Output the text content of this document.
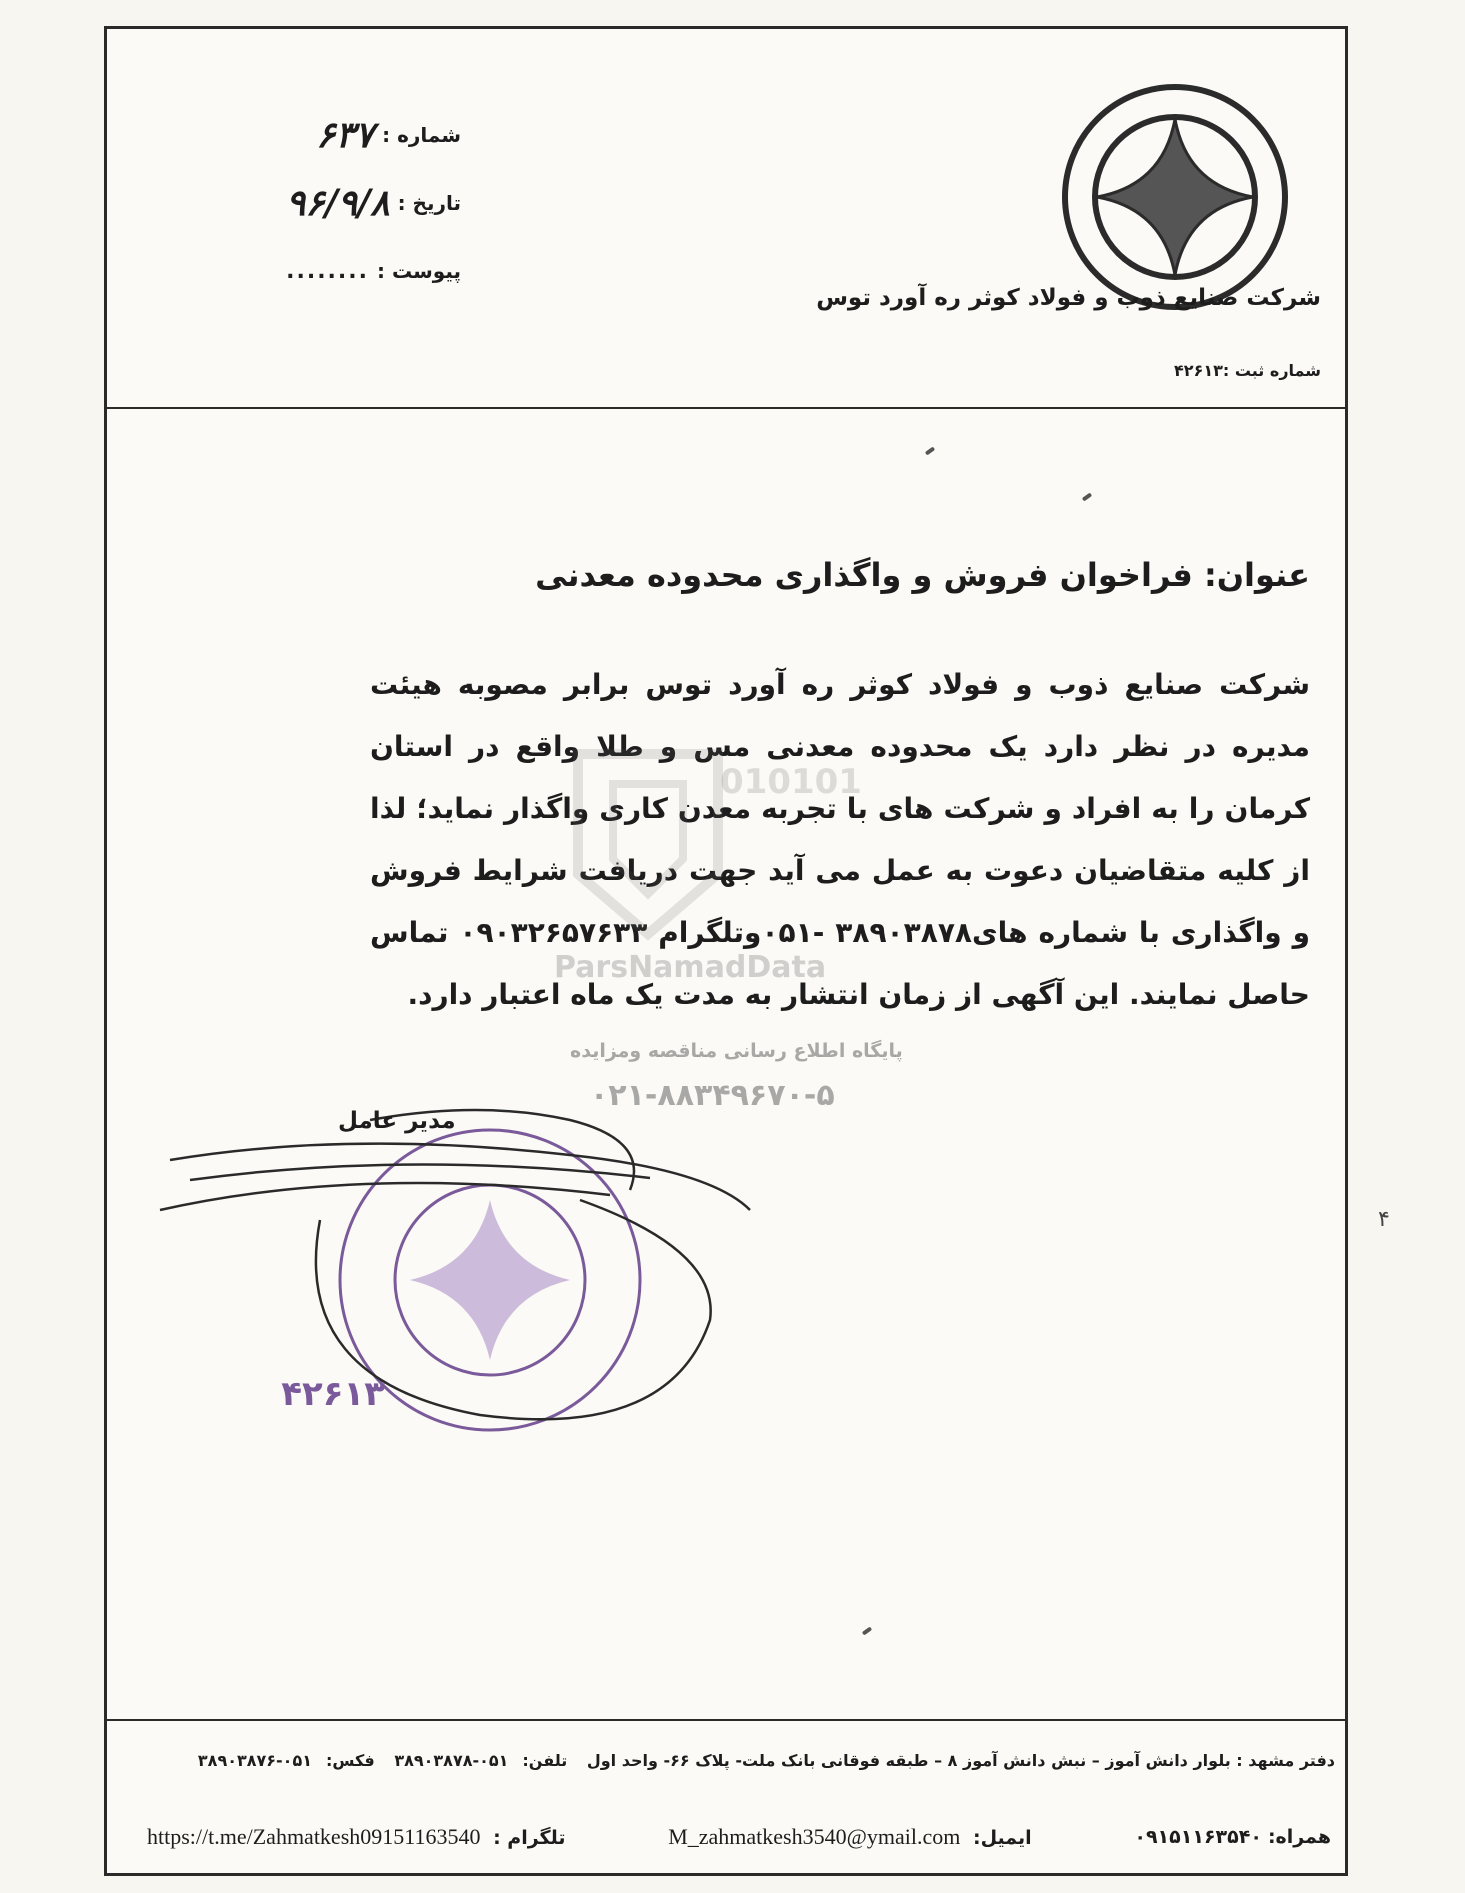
شرکت صنایع ذوب و فولاد کوثر ره آورد توس
شماره ثبت :۴۲۶۱۳
شماره :
۶۳۷
تاریخ :
۹۶/۹/۸
پیوست :
........
دفتر مشهد : بلوار دانش آموز – نبش دانش آموز ۸ – طبقه فوقانی بانک ملت- پلاک ۶۶- واحد اول تلفن:۰۵۱-۳۸۹۰۳۸۷۸ فکس:۰۵۱-۳۸۹۰۳۸۷۶
همراه:۰۹۱۵۱۱۶۳۵۴۰
ایمیل: M_zahmatkesh3540@ymail.com
تلگرام : https://t.me/Zahmatkesh09151163540
عنوان: فراخوان فروش و واگذاری محدوده معدنی
شرکت صنایع ذوب و فولاد کوثر ره آورد توس برابر مصوبه هیئت مدیره در نظر دارد یک محدوده معدنی مس و طلا واقع در استان کرمان را به افراد و شرکت های با تجربه معدن کاری واگذار نماید؛ لذا از کلیه متقاضیان دعوت به عمل می آید جهت دریافت شرایط فروش و واگذاری با شماره های۳۸۹۰۳۸۷۸ -۰۵۱وتلگرام ۰۹۰۳۲۶۵۷۶۳۳ تماس حاصل نمایند. این آگهی از زمان انتشار به مدت یک ماه اعتبار دارد.
010101
ParsNamadData
پایگاه اطلاع رسانی مناقصه ومزایده
۰۲۱-۸۸۳۴۹۶۷۰-۵
۴۲۶۱۳
مدیر عامل
۴
